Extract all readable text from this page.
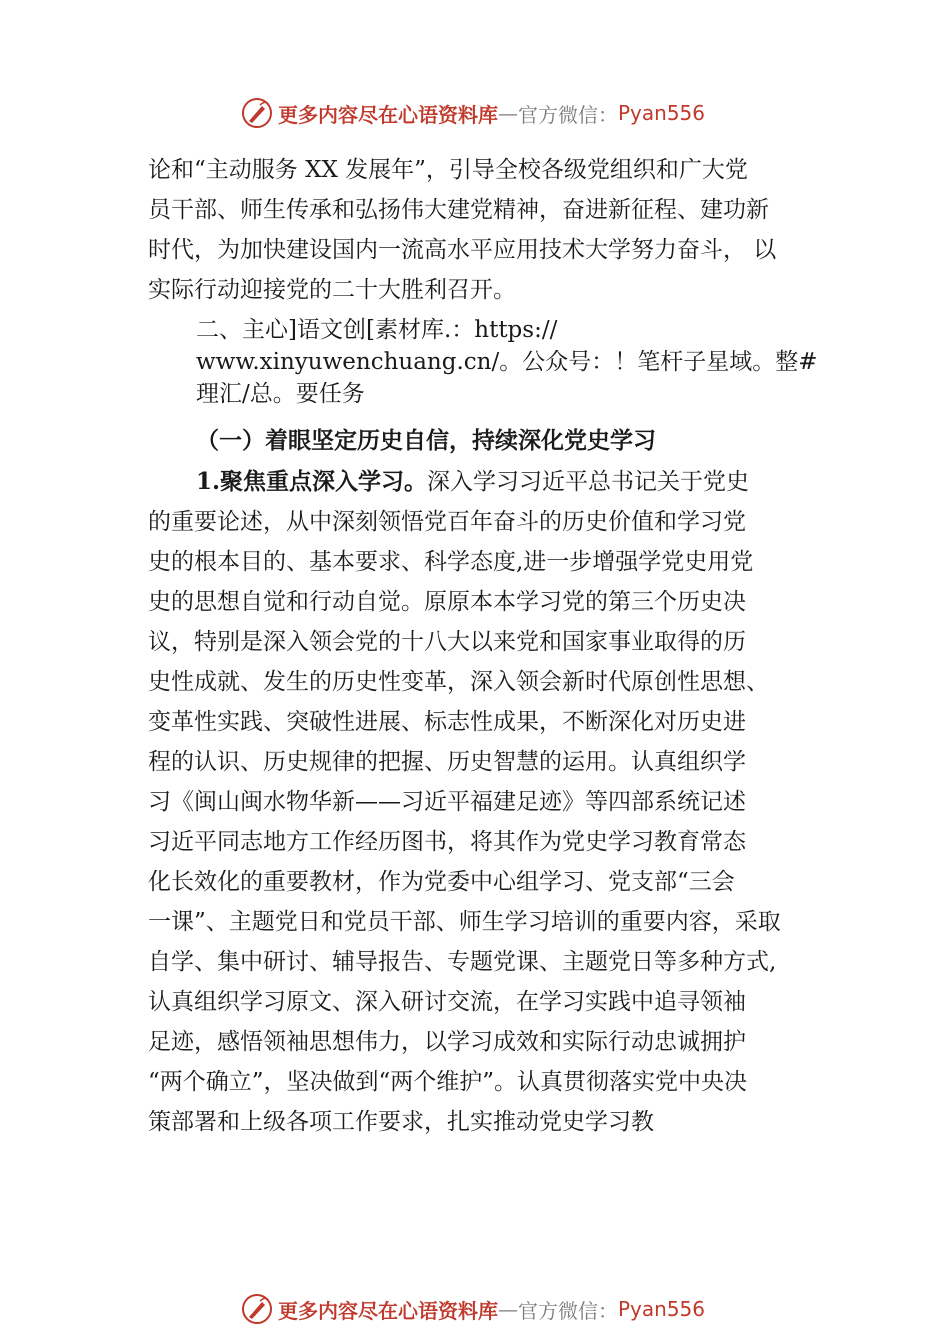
更多内容尽在心语资料库 — 官方微信： Pyan556

论和“主动服务 XX 发展年”，引导全校各级党组织和广大党

员干部、师生传承和弘扬伟大建党精神，奋进新征程、建功新

时代，为加快建设国内一流高水平应用技术大学努力奋斗， 以

实际行动迎接党的二十大胜利召开。

二、主心]语文创[素材库.：https://

www.xinyuwenchuang.cn/。公众号：！笔杆子星域。整#

理汇/总。要任务

（一）着眼坚定历史自信，持续深化党史学习

1.聚焦重点深入学习。深入学习习近平总书记关于党史

的重要论述，从中深刻领悟党百年奋斗的历史价值和学习党

史的根本目的、基本要求、科学态度,进一步增强学党史用党

史的思想自觉和行动自觉。原原本本学习党的第三个历史决

议，特别是深入领会党的十八大以来党和国家事业取得的历

史性成就、发生的历史性变革，深入领会新时代原创性思想、

变革性实践、突破性进展、标志性成果，不断深化对历史进

程的认识、历史规律的把握、历史智慧的运用。认真组织学

习《闽山闽水物华新——习近平福建足迹》等四部系统记述

习近平同志地方工作经历图书，将其作为党史学习教育常态

化长效化的重要教材，作为党委中心组学习、党支部“三会

一课”、主题党日和党员干部、师生学习培训的重要内容，采取

自学、集中研讨、辅导报告、专题党课、主题党日等多种方式,

认真组织学习原文、深入研讨交流，在学习实践中追寻领袖

足迹，感悟领袖思想伟力，以学习成效和实际行动忠诚拥护

“两个确立”，坚决做到“两个维护”。认真贯彻落实党中央决

策部署和上级各项工作要求，扎实推动党史学习教

更多内容尽在心语资料库 — 官方微信： Pyan556
